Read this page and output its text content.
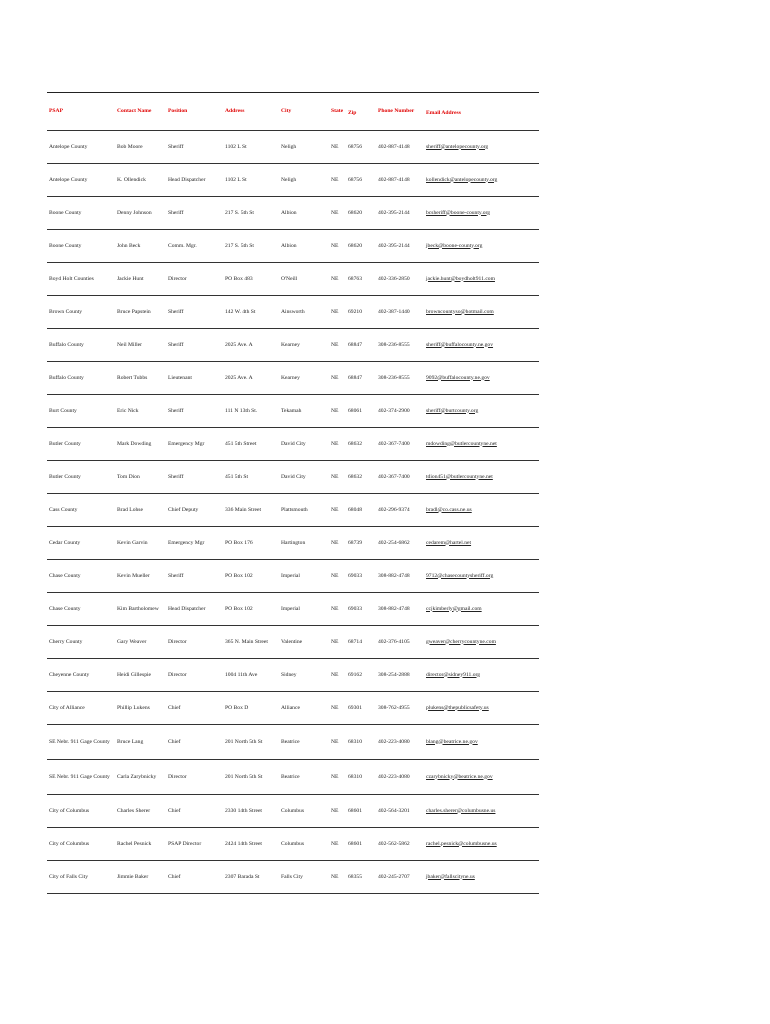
PSAP	Contact Name	Position	Address	City	State	Zip	Phone Number	Email Address
Antelope County	Bob Moore	Sheriff	1102 L St	Neligh	NE	68756	402-887-4148	sheriff@antelopecounty.org
Antelope County	K. Ollendick	Head Dispatcher	1102 L St	Neligh	NE	68756	402-887-4148	kollendick@antelopecounty.org
Boone County	Denny Johnson	Sheriff	217 S. 5th St	Albion	NE	68620	402-395-2144	bcsheriff@boone-county.org
Boone County	John Beck	Comm. Mgr.	217 S. 5th St	Albion	NE	68620	402-395-2144	jbeck@boone-county.org
Boyd Holt Counties	Jackie Hunt	Director	PO Box 483	O'Neill	NE	68763	402-336-2850	jackie.hunt@boydholt911.com
Brown County	Bruce Papstein	Sheriff	142 W. 4th St	Ainsworth	NE	69210	402-387-1440	browncountyso@hotmail.com
Buffalo County	Neil Miller	Sheriff	2025 Ave. A	Kearney	NE	68847	308-236-8555	sheriff@buffalocounty.ne.gov
Buffalo County	Robert Tubbs	Lieutenant	2025 Ave. A	Kearney	NE	68847	308-236-8555	9092@buffalocounty.ne.gov
Burt County	Eric Nick	Sheriff	111 N 13th St.	Tekamah	NE	68061	402-374-2900	sheriff@burtcounty.org
Butler County	Mark Dowding	Emergency Mgr	451 5th Street	David City	NE	68632	402-367-7400	mdowding@butlercountyne.net
Butler County	Tom Dion	Sheriff	451 5th St	David City	NE	68632	402-367-7400	tdion451@butlercountyne.net
Cass County	Brad Lohse	Chief Deputy	336 Main Street	Plattsmouth	NE	68048	402-296-9374	bradl@co.cass.ne.us
Cedar County	Kevin Garvin	Emergency Mgr	PO Box 176	Hartington	NE	68739	402-254-6862	cedarem@hartel.net
Chase County	Kevin Mueller	Sheriff	PO Box 102	Imperial	NE	69033	308-882-4748	9712@chasecountysheriff.org
Chase County	Kim Bartholomew	Head Dispatcher	PO Box 102	Imperial	NE	69033	308-882-4748	ccjkimberly@gmail.com
Cherry County	Gary Weaver	Director	365 N. Main Street	Valentine	NE	68714	402-376-4105	gweaver@cherrycountyne.com
Cheyenne County	Heidi Gillespie	Director	1004 11th Ave	Sidney	NE	69162	308-254-2888	director@sidney911.org
City of Alliance	Phillip Lukens	Chief	PO Box D	Alliance	NE	69301	308-762-4955	plukens@thepublicsafety.us
SE Nebr. 911 Gage County	Bruce Lang	Chief	201 North 5th St	Beatrice	NE	68310	402-223-4080	blang@beatrice.ne.gov
SE Nebr. 911 Gage County	Carla Zarybnicky	Director	201 North 5th St	Beatrice	NE	68310	402-223-4080	czarybnicky@beatrice.ne.gov
City of Columbus	Charles Sherer	Chief	2330 14th Street	Columbus	NE	68601	402-564-3201	charles.sherer@columbusne.us
City of Columbus	Rachel Pesnick	PSAP Director	2424 14th Street	Columbus	NE	68601	402-562-5862	rachel.pesnick@columbusne.us
City of Falls City	Jimmie Baker	Chief	2307 Barada St	Falls City	NE	68355	402-245-2707	jbaker@fallscityne.us
